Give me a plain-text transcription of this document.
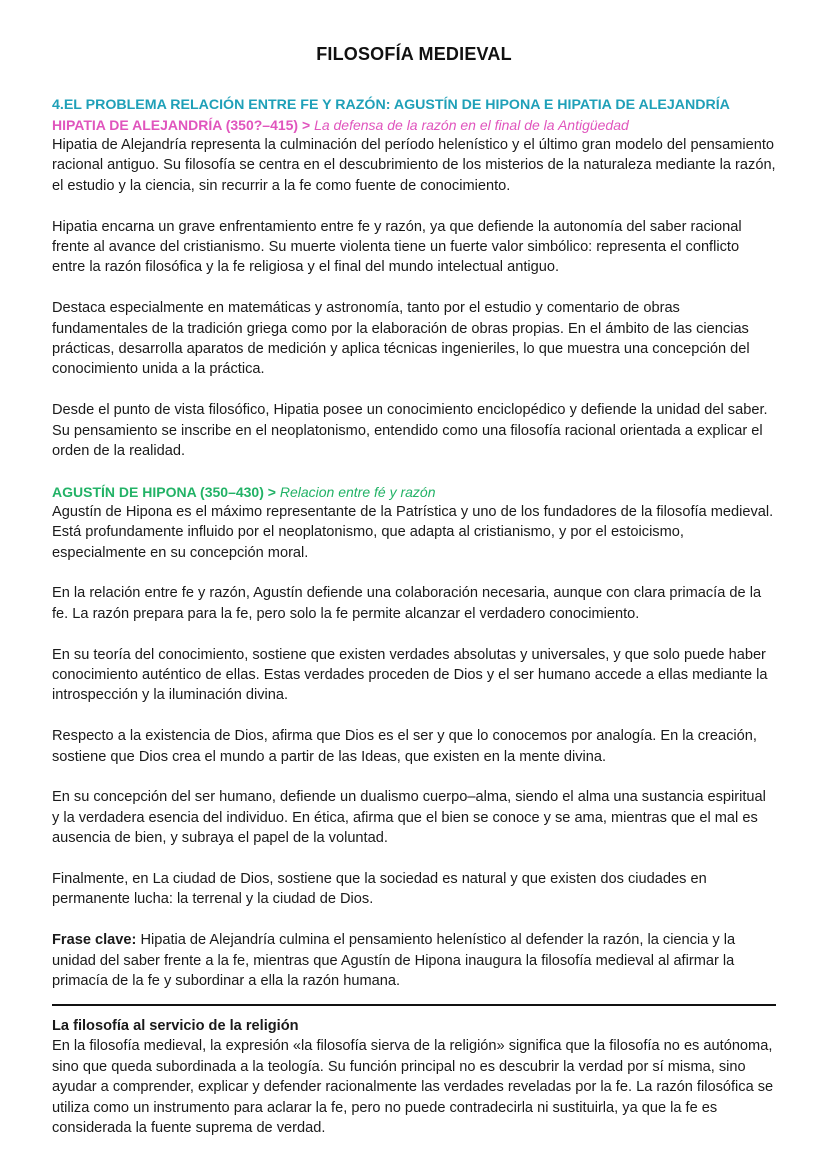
FILOSOFÍA MEDIEVAL
4.EL PROBLEMA RELACIÓN ENTRE FE Y RAZÓN: AGUSTÍN DE HIPONA E HIPATIA DE ALEJANDRÍA
HIPATIA DE ALEJANDRÍA (350?–415) > La defensa de la razón en el final de la Antigüedad

Hipatia de Alejandría representa la culminación del período helenístico y el último gran modelo del pensamiento racional antiguo. Su filosofía se centra en el descubrimiento de los misterios de la naturaleza mediante la razón, el estudio y la ciencia, sin recurrir a la fe como fuente de conocimiento.

Hipatia encarna un grave enfrentamiento entre fe y razón, ya que defiende la autonomía del saber racional frente al avance del cristianismo. Su muerte violenta tiene un fuerte valor simbólico: representa el conflicto entre la razón filosófica y la fe religiosa y el final del mundo intelectual antiguo.

Destaca especialmente en matemáticas y astronomía, tanto por el estudio y comentario de obras fundamentales de la tradición griega como por la elaboración de obras propias. En el ámbito de las ciencias prácticas, desarrolla aparatos de medición y aplica técnicas ingenieriles, lo que muestra una concepción del conocimiento unida a la práctica.

Desde el punto de vista filosófico, Hipatia posee un conocimiento enciclopédico y defiende la unidad del saber. Su pensamiento se inscribe en el neoplatonismo, entendido como una filosofía racional orientada a explicar el orden de la realidad.

AGUSTÍN DE HIPONA (350–430) > Relacion entre fé y razón

Agustín de Hipona es el máximo representante de la Patrística y uno de los fundadores de la filosofía medieval. Está profundamente influido por el neoplatonismo, que adapta al cristianismo, y por el estoicismo, especialmente en su concepción moral.

En la relación entre fe y razón, Agustín defiende una colaboración necesaria, aunque con clara primacía de la fe. La razón prepara para la fe, pero solo la fe permite alcanzar el verdadero conocimiento.

En su teoría del conocimiento, sostiene que existen verdades absolutas y universales, y que solo puede haber conocimiento auténtico de ellas. Estas verdades proceden de Dios y el ser humano accede a ellas mediante la introspección y la iluminación divina.

Respecto a la existencia de Dios, afirma que Dios es el ser y que lo conocemos por analogía. En la creación, sostiene que Dios crea el mundo a partir de las Ideas, que existen en la mente divina.

En su concepción del ser humano, defiende un dualismo cuerpo–alma, siendo el alma una sustancia espiritual y la verdadera esencia del individuo. En ética, afirma que el bien se conoce y se ama, mientras que el mal es ausencia de bien, y subraya el papel de la voluntad.

Finalmente, en La ciudad de Dios, sostiene que la sociedad es natural y que existen dos ciudades en permanente lucha: la terrenal y la ciudad de Dios.

Frase clave: Hipatia de Alejandría culmina el pensamiento helenístico al defender la razón, la ciencia y la unidad del saber frente a la fe, mientras que Agustín de Hipona inaugura la filosofía medieval al afirmar la primacía de la fe y subordinar a ella la razón humana.

La filosofía al servicio de la religión

En la filosofía medieval, la expresión «la filosofía sierva de la religión» significa que la filosofía no es autónoma, sino que queda subordinada a la teología. Su función principal no es descubrir la verdad por sí misma, sino ayudar a comprender, explicar y defender racionalmente las verdades reveladas por la fe. La razón filosófica se utiliza como un instrumento para aclarar la fe, pero no puede contradecirla ni sustituirla, ya que la fe es considerada la fuente suprema de verdad.
